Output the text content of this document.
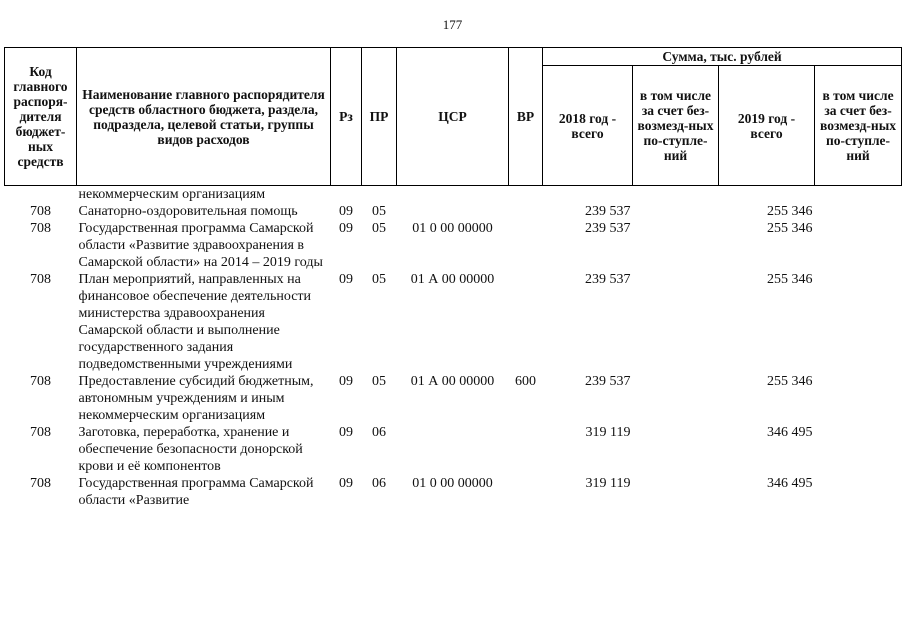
177
Код главного распоря-дителя бюджет-ных средств	Наименование главного распорядителя средств областного бюджета, раздела, подраздела, целевой статьи, группы видов расходов	Рз	ПР	ЦСР	ВР	Сумма, тыс. рублей			
						2018 год - всего	в том числе за счет без-возмезд-ных по-ступле-ний	2019 год - всего	в том числе за счет без-возмезд-ных по-ступле-ний
	некоммерческим организациям								
708	Санаторно-оздоровительная помощь	09	05			239 537		255 346	
708	Государственная программа Самарской области «Развитие здравоохранения в Самарской области» на 2014 – 2019 годы	09	05	01 0 00 00000		239 537		255 346	
708	План мероприятий, направленных на финансовое обеспечение деятельности министерства здравоохранения Самарской области и выполнение государственного задания подведомственными учреждениями	09	05	01 А 00 00000		239 537		255 346	
708	Предоставление субсидий бюджетным, автономным учреждениям и иным некоммерческим организациям	09	05	01 А 00 00000	600	239 537		255 346	
708	Заготовка, переработка, хранение и обеспечение безопасности донорской крови и её компонентов	09	06			319 119		346 495	
708	Государственная программа Самарской области «Развитие	09	06	01 0 00 00000		319 119		346 495	
